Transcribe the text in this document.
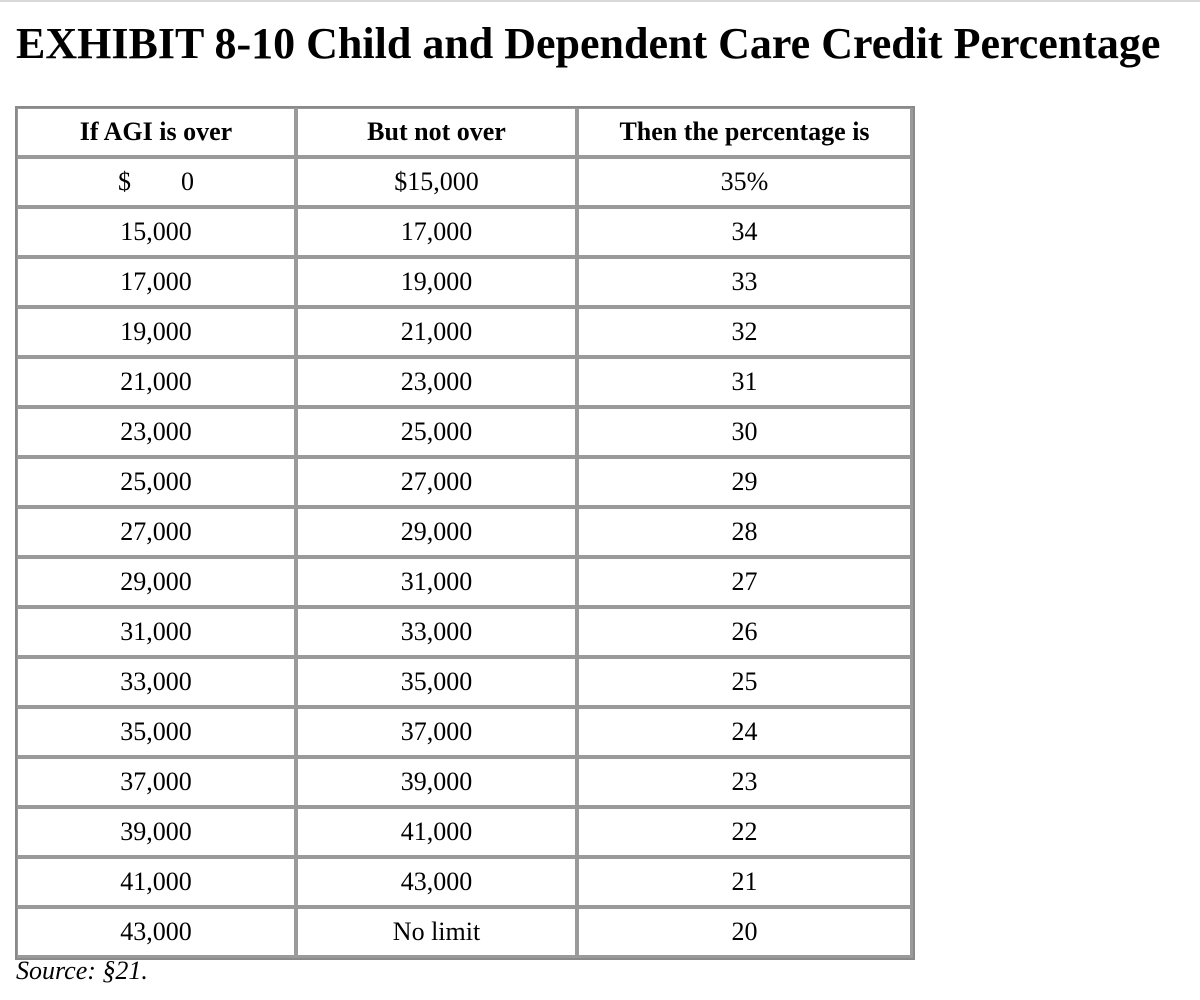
EXHIBIT 8-10 Child and Dependent Care Credit Percentage
If AGI is over	But not over	Then the percentage is

$ 0	$15,000	35%
15,000	17,000	34
17,000	19,000	33
19,000	21,000	32
21,000	23,000	31
23,000	25,000	30
25,000	27,000	29
27,000	29,000	28
29,000	31,000	27
31,000	33,000	26
33,000	35,000	25
35,000	37,000	24
37,000	39,000	23
39,000	41,000	22
41,000	43,000	21
43,000	No limit	20
Source: §21.
